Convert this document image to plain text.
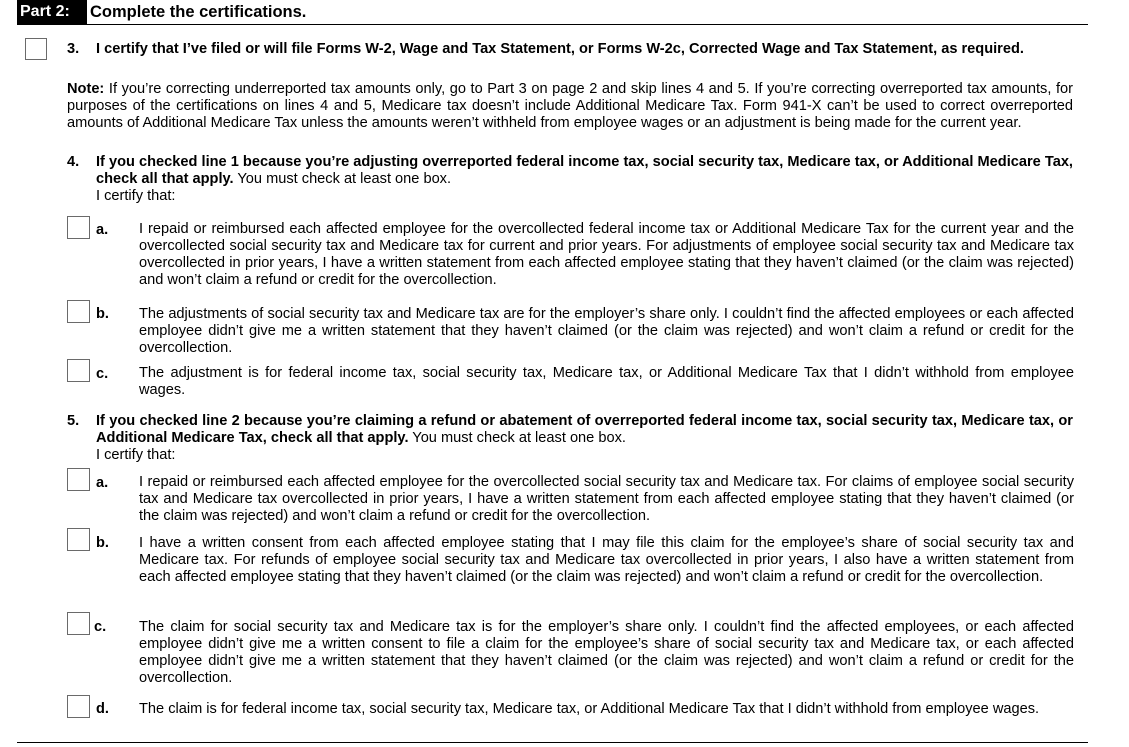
Part 2:	Complete the certifications.
3. I certify that I’ve filed or will file Forms W-2, Wage and Tax Statement, or Forms W-2c, Corrected Wage and Tax Statement, as required.
Note: If you’re correcting underreported tax amounts only, go to Part 3 on page 2 and skip lines 4 and 5. If you’re correcting overreported tax amounts, for purposes of the certifications on lines 4 and 5, Medicare tax doesn’t include Additional Medicare Tax. Form 941-X can’t be used to correct overreported amounts of Additional Medicare Tax unless the amounts weren’t withheld from employee wages or an adjustment is being made for the current year.
4. If you checked line 1 because you’re adjusting overreported federal income tax, social security tax, Medicare tax, or Additional Medicare Tax, check all that apply. You must check at least one box.
I certify that:
a. I repaid or reimbursed each affected employee for the overcollected federal income tax or Additional Medicare Tax for the current year and the overcollected social security tax and Medicare tax for current and prior years. For adjustments of employee social security tax and Medicare tax overcollected in prior years, I have a written statement from each affected employee stating that they haven’t claimed (or the claim was rejected) and won’t claim a refund or credit for the overcollection.
b. The adjustments of social security tax and Medicare tax are for the employer’s share only. I couldn’t find the affected employees or each affected employee didn’t give me a written statement that they haven’t claimed (or the claim was rejected) and won’t claim a refund or credit for the overcollection.
c. The adjustment is for federal income tax, social security tax, Medicare tax, or Additional Medicare Tax that I didn’t withhold from employee wages.
5. If you checked line 2 because you’re claiming a refund or abatement of overreported federal income tax, social security tax, Medicare tax, or Additional Medicare Tax, check all that apply. You must check at least one box.
I certify that:
a. I repaid or reimbursed each affected employee for the overcollected social security tax and Medicare tax. For claims of employee social security tax and Medicare tax overcollected in prior years, I have a written statement from each affected employee stating that they haven’t claimed (or the claim was rejected) and won’t claim a refund or credit for the overcollection.
b. I have a written consent from each affected employee stating that I may file this claim for the employee’s share of social security tax and Medicare tax. For refunds of employee social security tax and Medicare tax overcollected in prior years, I also have a written statement from each affected employee stating that they haven’t claimed (or the claim was rejected) and won’t claim a refund or credit for the overcollection.
c. The claim for social security tax and Medicare tax is for the employer’s share only. I couldn’t find the affected employees, or each affected employee didn’t give me a written consent to file a claim for the employee’s share of social security tax and Medicare tax, or each affected employee didn’t give me a written statement that they haven’t claimed (or the claim was rejected) and won’t claim a refund or credit for the overcollection.
d. The claim is for federal income tax, social security tax, Medicare tax, or Additional Medicare Tax that I didn’t withhold from employee wages.
